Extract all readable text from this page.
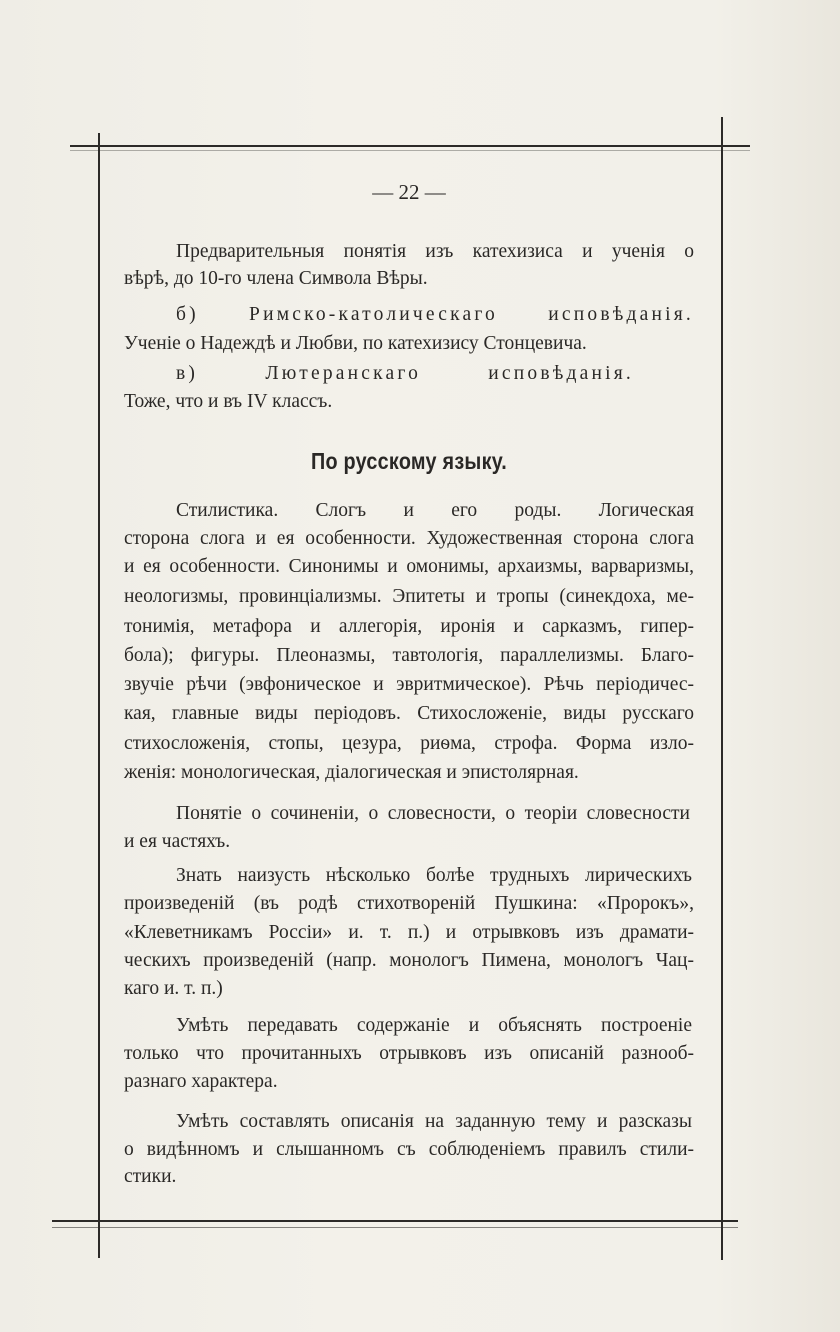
— 22 —
Предварительныя понятія изъ катехизиса и ученія о
вѣрѣ, до 10-го члена Символа Вѣры.
б) Римско-католическаго исповѣданія.
Ученіе о Надеждѣ и Любви, по катехизису Стонцевича.
в) Лютеранскаго исповѣданія.
Тоже, что и въ IV классъ.
По русскому языку.
Стилистика. Слогъ и его роды. Логическая
сторона слога и ея особенности. Художественная сторона слога
и ея особенности. Синонимы и омонимы, архаизмы, варваризмы,
неологизмы, провинціализмы. Эпитеты и тропы (синекдоха, ме-
тонимія, метафора и аллегорія, иронія и сарказмъ, гипер-
бола); фигуры. Плеоназмы, тавтологія, параллелизмы. Благо-
звучіе рѣчи (эвфоническое и эвритмическое). Рѣчь періодичес-
кая, главные виды періодовъ. Стихосложеніе, виды русскаго
стихосложенія, стопы, цезура, риѳма, строфа. Форма изло-
женія: монологическая, діалогическая и эпистолярная.
Понятіе о сочиненіи, о словесности, о теоріи словесности
и ея частяхъ.
Знать наизусть нѣсколько болѣе трудныхъ лирическихъ
произведеній (въ родѣ стихотвореній Пушкина: «Пророкъ»,
«Клеветникамъ Россіи» и. т. п.) и отрывковъ изъ драмати-
ческихъ произведеній (напр. монологъ Пимена, монологъ Чац-
каго и. т. п.)
Умѣть передавать содержаніе и объяснять построеніе
только что прочитанныхъ отрывковъ изъ описаній разнооб-
разнаго характера.
Умѣть составлять описанія на заданную тему и разсказы
о видѣнномъ и слышанномъ съ соблюденіемъ правилъ стили-
стики.
